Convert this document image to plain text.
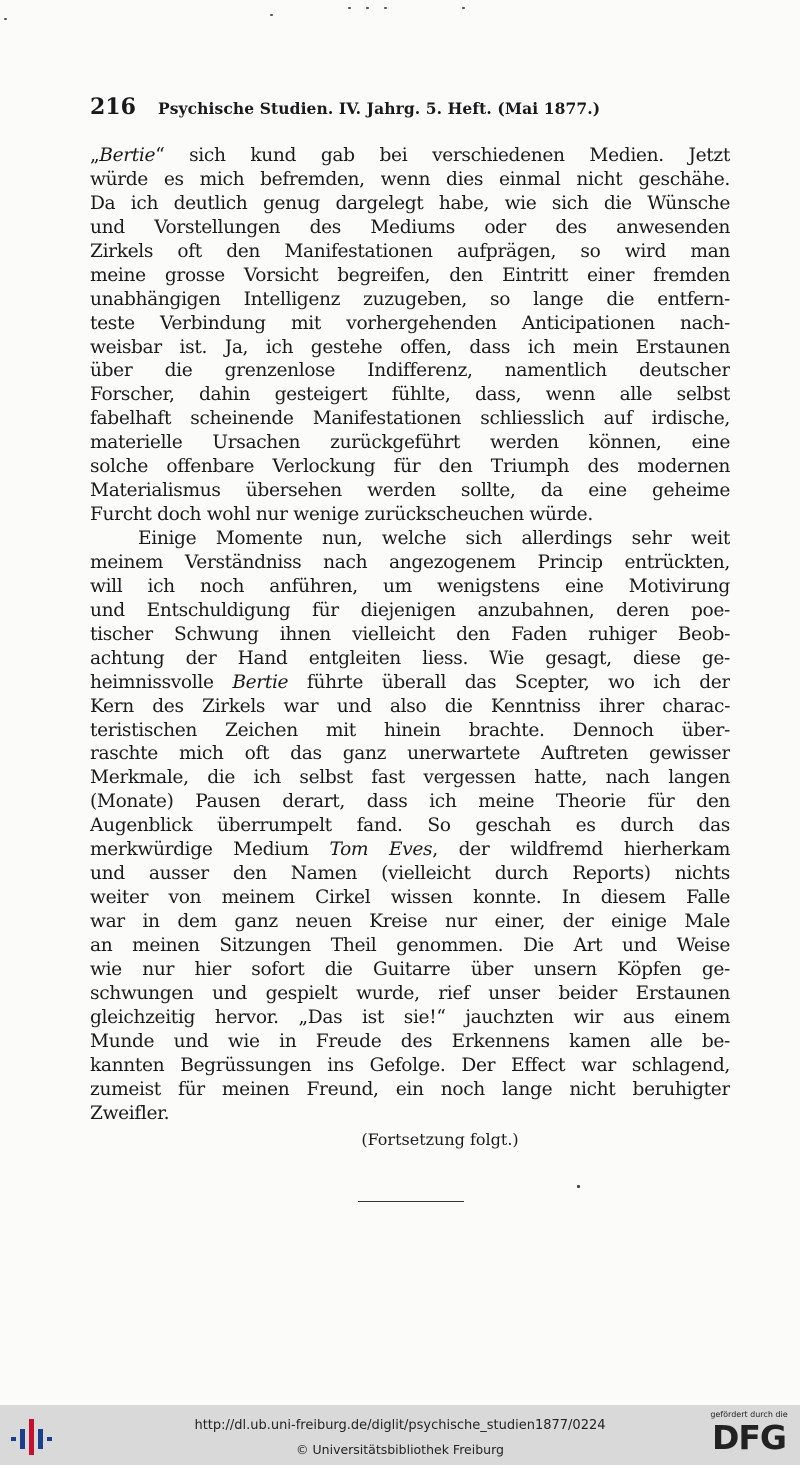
216 Psychische Studien. IV. Jahrg. 5. Heft. (Mai 1877.)
„Bertie“ sich kund gab bei verschiedenen Medien. Jetzt
würde es mich befremden, wenn dies einmal nicht geschähe.
Da ich deutlich genug dargelegt habe, wie sich die Wünsche
und Vorstellungen des Mediums oder des anwesenden
Zirkels oft den Manifestationen aufprägen, so wird man
meine grosse Vorsicht begreifen, den Eintritt einer fremden
unabhängigen Intelligenz zuzugeben, so lange die entfern-
teste Verbindung mit vorhergehenden Anticipationen nach-
weisbar ist. Ja, ich gestehe offen, dass ich mein Erstaunen
über die grenzenlose Indifferenz, namentlich deutscher
Forscher, dahin gesteigert fühlte, dass, wenn alle selbst
fabelhaft scheinende Manifestationen schliesslich auf irdische,
materielle Ursachen zurückgeführt werden können, eine
solche offenbare Verlockung für den Triumph des modernen
Materialismus übersehen werden sollte, da eine geheime
Furcht doch wohl nur wenige zurückscheuchen würde.
Einige Momente nun, welche sich allerdings sehr weit
meinem Verständniss nach angezogenem Princip entrückten,
will ich noch anführen, um wenigstens eine Motivirung
und Entschuldigung für diejenigen anzubahnen, deren poe-
tischer Schwung ihnen vielleicht den Faden ruhiger Beob-
achtung der Hand entgleiten liess. Wie gesagt, diese ge-
heimnissvolle Bertie führte überall das Scepter, wo ich der
Kern des Zirkels war und also die Kenntniss ihrer charac-
teristischen Zeichen mit hinein brachte. Dennoch über-
raschte mich oft das ganz unerwartete Auftreten gewisser
Merkmale, die ich selbst fast vergessen hatte, nach langen
(Monate) Pausen derart, dass ich meine Theorie für den
Augenblick überrumpelt fand. So geschah es durch das
merkwürdige Medium Tom Eves, der wildfremd hierherkam
und ausser den Namen (vielleicht durch Reports) nichts
weiter von meinem Cirkel wissen konnte. In diesem Falle
war in dem ganz neuen Kreise nur einer, der einige Male
an meinen Sitzungen Theil genommen. Die Art und Weise
wie nur hier sofort die Guitarre über unsern Köpfen ge-
schwungen und gespielt wurde, rief unser beider Erstaunen
gleichzeitig hervor. „Das ist sie!“ jauchzten wir aus einem
Munde und wie in Freude des Erkennens kamen alle be-
kannten Begrüssungen ins Gefolge. Der Effect war schlagend,
zumeist für meinen Freund, ein noch lange nicht beruhigter
Zweifler.
(Fortsetzung folgt.)
http://dl.ub.uni-freiburg.de/diglit/psychische_studien1877/0224
© Universitätsbibliothek Freiburg
gefördert durch die
DFG
